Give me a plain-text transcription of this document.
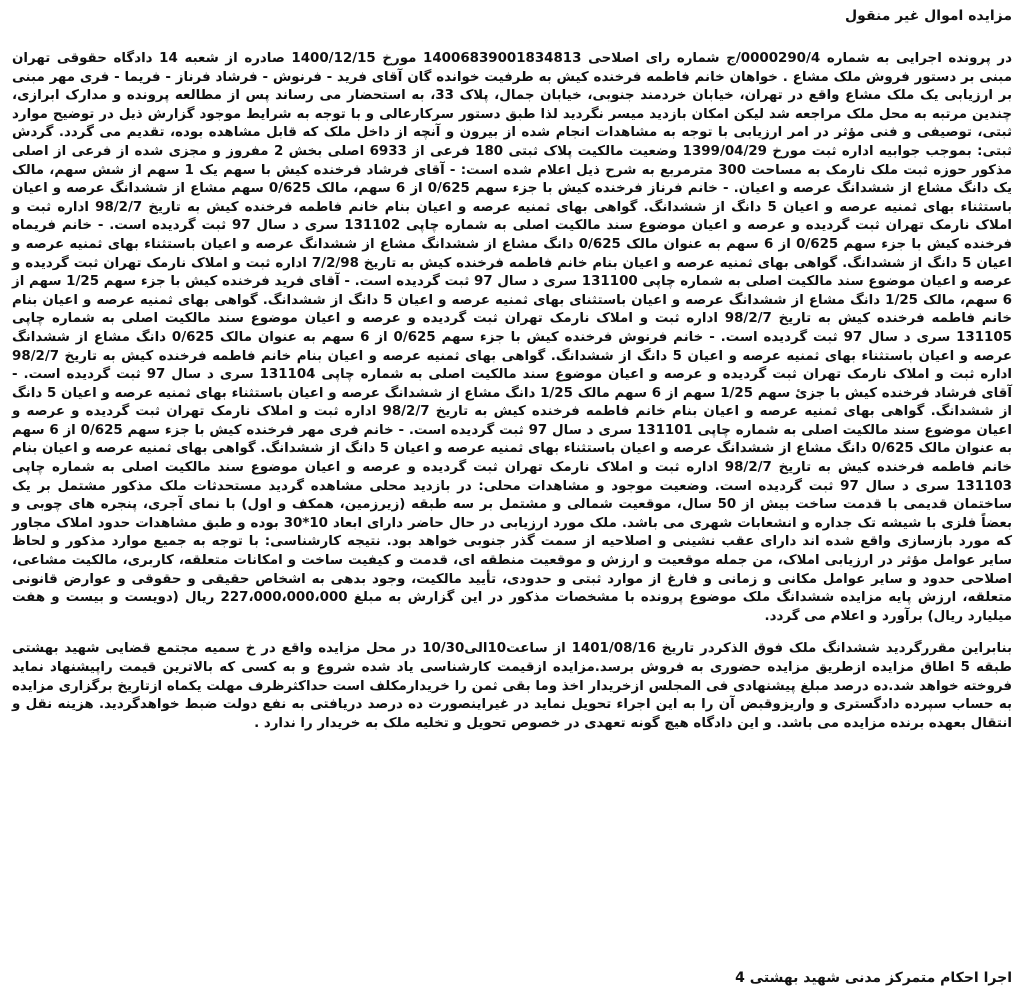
مزایده اموال غیر منقول

در پرونده اجرایی به شماره 0000290/4/ج شماره رای اصلاحی 14006839001834813 مورخ 1400/12/15 صادره از شعبه 14 دادگاه حقوقی تهران مبنی بر دستور فروش ملک مشاع . خواهان خانم فاطمه فرخنده کیش به طرفیت خوانده گان آقای فرید - فرنوش - فرشاد فرناز - فریما - فری مهر مبنی بر ارزیابی یک ملک مشاع واقع در تهران، خیابان خردمند جنوبی، خیابان جمال، پلاک 33، به استحضار می رساند پس از مطالعه پرونده و مدارک ابرازی، چندین مرتبه به محل ملک مراجعه شد لیکن امکان بازدید میسر نگردید لذا طبق دستور سرکارعالی و با توجه به شرایط موجود گزارش ذیل در توضیح موارد ثبتی، توصیفی و فنی مؤثر در امر ارزیابی با توجه به مشاهدات انجام شده از بیرون و آنچه از داخل ملک که قابل مشاهده بوده، تقدیم می گردد. گردش ثبتی: بموجب جوابیه اداره ثبت مورخ 1399/04/29 وضعیت مالکیت پلاک ثبتی 180 فرعی از 6933 اصلی بخش 2 مفروز و مجزی شده از فرعی از اصلی مذکور حوزه ثبت ملک نارمک به مساحت 300 مترمربع به شرح ذیل اعلام شده است: - آقای فرشاد فرخنده کیش با سهم یک 1 سهم از شش سهم، مالک یک دانگ مشاع از ششدانگ عرصه و اعیان. - خانم فرناز فرخنده کیش با جزء سهم 0/625 از 6 سهم، مالک 0/625 سهم مشاع از ششدانگ عرصه و اعیان باستثناء بهای ثمنیه عرصه و اعیان 5 دانگ از ششدانگ. گواهی بهای ثمنیه عرصه و اعیان بنام خانم فاطمه فرخنده کیش به تاریخ 98/2/7 اداره ثبت و املاک نارمک تهران ثبت گردیده و عرصه و اعیان موضوع سند مالکیت اصلی به شماره چاپی 131102 سری د سال 97 ثبت گردیده است. - خانم فریماه فرخنده کیش با جزء سهم 0/625 از 6 سهم به عنوان مالک 0/625 دانگ مشاع از ششدانگ مشاع از ششدانگ عرصه و اعیان باستثناء بهای ثمنیه عرصه و اعیان 5 دانگ از ششدانگ. گواهی بهای ثمنیه عرصه و اعیان بنام خانم فاطمه فرخنده کیش به تاریخ 7/2/98 اداره ثبت و املاک نارمک تهران ثبت گردیده و عرصه و اعیان موضوع سند مالکیت اصلی به شماره چاپی 131100 سری د سال 97 ثبت گردیده است. - آقای فرید فرخنده کیش با جزء سهم 1/25 سهم از 6 سهم، مالک 1/25 دانگ مشاع از ششدانگ عرصه و اعیان باستثنای بهای ثمنیه عرصه و اعیان 5 دانگ از ششدانگ. گواهی بهای ثمنیه عرصه و اعیان بنام خانم فاطمه فرخنده کیش به تاریخ 98/2/7 اداره ثبت و املاک نارمک تهران ثبت گردیده و عرصه و اعیان موضوع سند مالکیت اصلی به شماره چاپی 131105 سری د سال 97 ثبت گردیده است. - خانم فرنوش فرخنده کیش با جزء سهم 0/625 از 6 سهم به عنوان مالک 0/625 دانگ مشاع از ششدانگ عرصه و اعیان باستثناء بهای ثمنیه عرصه و اعیان 5 دانگ از ششدانگ. گواهی بهای ثمنیه عرصه و اعیان بنام خانم فاطمه فرخنده کیش به تاریخ 98/2/7 اداره ثبت و املاک نارمک تهران ثبت گردیده و عرصه و اعیان موضوع سند مالکیت اصلی به شماره چاپی 131104 سری د سال 97 ثبت گردیده است. - آقای فرشاد فرخنده کیش با جزئ سهم 1/25 سهم از 6 سهم مالک 1/25 دانگ مشاع از ششدانگ عرصه و اعیان باستثناء بهای ثمنیه عرصه و اعیان 5 دانگ از ششدانگ. گواهی بهای ثمنیه عرصه و اعیان بنام خانم فاطمه فرخنده کیش به تاریخ 98/2/7 اداره ثبت و املاک نارمک تهران ثبت گردیده و عرصه و اعیان موضوع سند مالکیت اصلی به شماره چاپی 131101 سری د سال 97 ثبت گردیده است. - خانم فری مهر فرخنده کیش با جزء سهم 0/625 از 6 سهم به عنوان مالک 0/625 دانگ مشاع از ششدانگ عرصه و اعیان باستثناء بهای ثمنیه عرصه و اعیان 5 دانگ از ششدانگ. گواهی بهای ثمنیه عرصه و اعیان بنام خانم فاطمه فرخنده کیش به تاریخ 98/2/7 اداره ثبت و املاک نارمک تهران ثبت گردیده و عرصه و اعیان موضوع سند مالکیت اصلی به شماره چاپی 131103 سری د سال 97 ثبت گردیده است. وضعیت موجود و مشاهدات محلی: در بازدید محلی مشاهده گردید مستحدثات ملک مذکور مشتمل بر یک ساختمان قدیمی با قدمت ساخت بیش از 50 سال، موقعیت شمالی و مشتمل بر سه طبقه (زیرزمین، همکف و اول) با نمای آجری، پنجره های چوبی و بعضاً فلزی با شیشه تک جداره و انشعابات شهری می باشد. ملک مورد ارزیابی در حال حاضر دارای ابعاد 10*30 بوده و طبق مشاهدات حدود املاک مجاور که مورد بازسازی واقع شده اند دارای عقب نشینی و اصلاحیه از سمت گذر جنوبی خواهد بود. نتیجه کارشناسی: با توجه به جمیع موارد مذکور و لحاظ سایر عوامل مؤثر در ارزیابی املاک، من جمله موقعیت و ارزش و موقعیت منطقه ای، قدمت و کیفیت ساخت و امکانات متعلقه، کاربری، مالکیت مشاعی، اصلاحی حدود و سایر عوامل مکانی و زمانی و فارغ از موارد ثبتی و حدودی، تأیید مالکیت، وجود بدهی به اشخاص حقیقی و حقوقی و عوارض قانونی متعلقه، ارزش پایه مزایده ششدانگ ملک موضوع پرونده با مشخصات مذکور در این گزارش به مبلغ 227،000،000،000 ریال (دویست و بیست و هفت میلیارد ریال) برآورد و اعلام می گردد.

بنابراین مقررگردید ششدانگ ملک فوق الذکردر تاریخ 1401/08/16 از ساعت10الی10/30 در محل مزایده واقع در خ سمیه مجتمع قضایی شهید بهشتی طبقه 5 اطاق مزایده ازطریق مزایده حضوری به فروش برسد.مزایده ازقیمت کارشناسی یاد شده شروع و به کسی که بالاترین قیمت راپیشنهاد نماید فروخته خواهد شد.ده درصد مبلغ پیشنهادی فی المجلس ازخریدار اخذ وما بقی ثمن را خریدارمکلف است حداکثرظرف مهلت یکماه ازتاریخ برگزاری مزایده به حساب سپرده دادگستری و واریزوقبض آن را به این اجراء تحویل نماید در غیراینصورت ده درصد دریافتی به نفع دولت ضبط خواهدگردید. هزینه نقل و انتقال بعهده برنده مزایده می باشد. و این دادگاه هیچ گونه تعهدی در خصوص تحویل و تخلیه ملک به خریدار را ندارد .

اجرا احکام متمرکز مدنی شهید بهشتی 4
